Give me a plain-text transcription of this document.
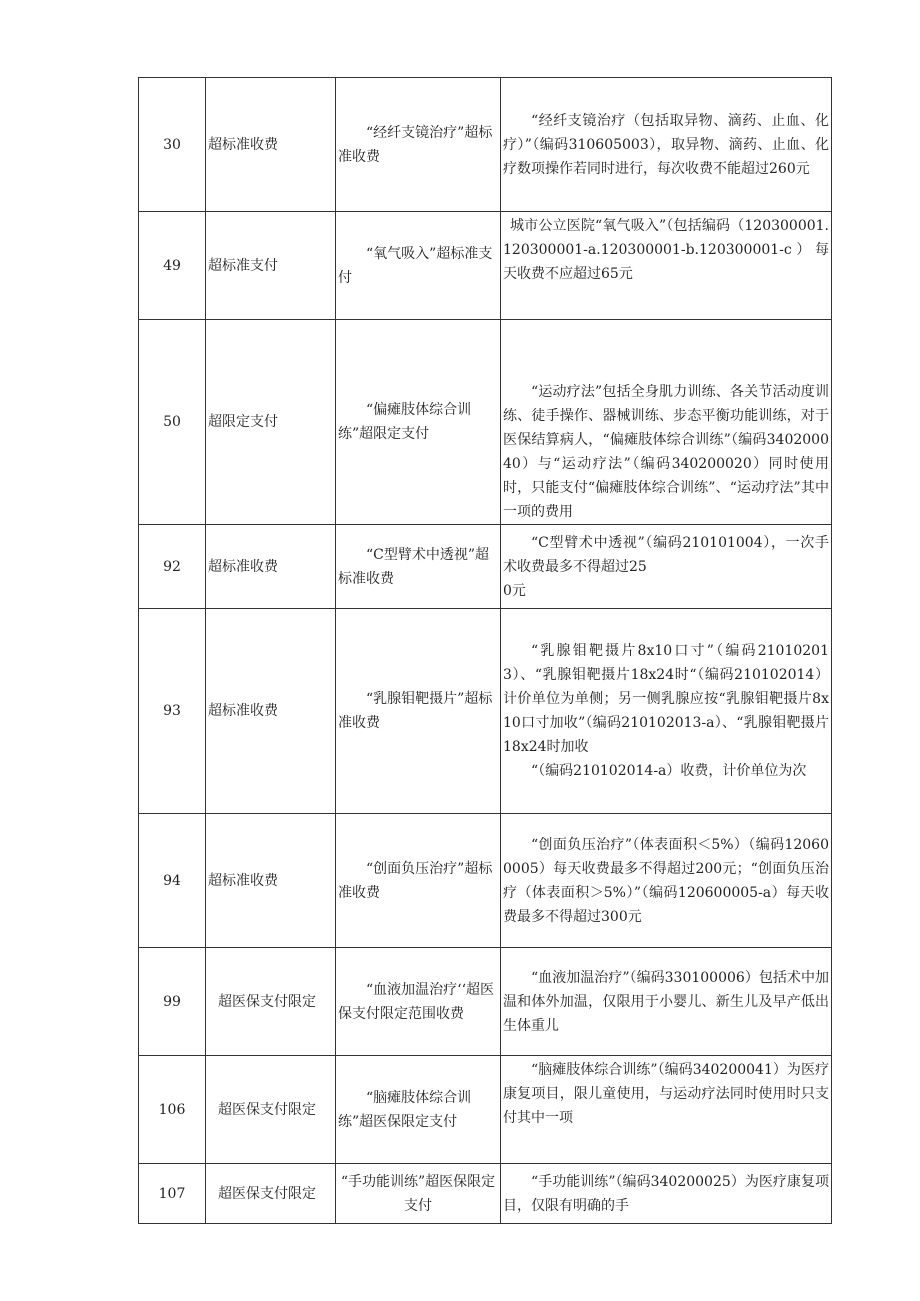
30	超标准收费	“经纤支镜治疗”超标准收费	“经纤支镜治疗（包括取异物、滴药、止血、化疗）”（编码310605003），取异物、滴药、止血、化疗数项操作若同时进行，每次收费不能超过260元

49	超标准支付	“氧气吸入”超标准支付	城市公立医院“氧气吸入”（包括编码（120300001.120300001-a.120300001-b.120300001-c）每天收费不应超过65元

50	超限定支付	“偏瘫肢体综合训练”超限定支付	“运动疗法”包括全身肌力训练、各关节活动度训练、徒手操作、器械训练、步态平衡功能训练，对于医保结算病人，“偏瘫肢体综合训练”（编码340200040）与“运动疗法”（编码340200020）同时使用时，只能支付“偏瘫肢体综合训练”、“运动疗法”其中一项的费用

92	超标准收费	“C型臂术中透视”超标准收费	“C型臂术中透视”（编码210101004），一次手术收费最多不得超过25
0元

93	超标准收费	“乳腺钼靶摄片”超标准收费	“乳腺钼靶摄片8x10口寸”（编码210102013）、“乳腺钼靶摄片18x24时“（编码210102014）计价单位为单侧；另一侧乳腺应按“乳腺钼靶摄片8x10口寸加收”（编码210102013-a）、“乳腺钼靶摄片18x24时加收
“（编码210102014-a）收费，计价单位为次

94	超标准收费	“创面负压治疗”超标准收费	“创面负压治疗”（体表面积＜5%）（编码120600005）每天收费最多不得超过200元；“创面负压治疗（体表面积＞5%）”（编码120600005-a）每天收费最多不得超过300元

99	超医保支付限定	“血液加温治疗‘‘超医保支付限定范围收费	“血液加温治疗”（编码330100006）包括术中加温和体外加温，仅限用于小婴儿、新生儿及早产低出生体重儿

106	超医保支付限定	“脑瘫肢体综合训练”超医保限定支付	“脑瘫肢体综合训练”（编码340200041）为医疗康复项目，限儿童使用，与运动疗法同时使用时只支付其中一项

107	超医保支付限定	“手功能训练”超医保限定支付	“手功能训练”（编码340200025）为医疗康复项目，仅限有明确的手
